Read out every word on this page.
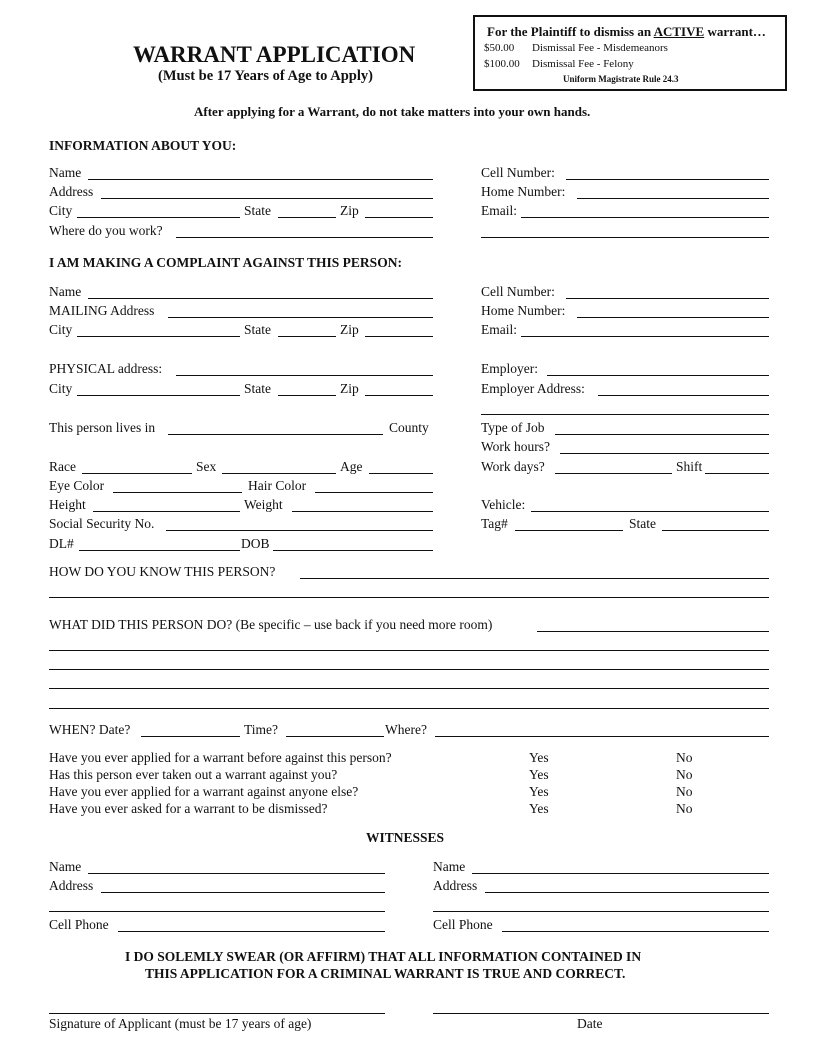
WARRANT APPLICATION
(Must be 17 Years of Age to Apply)
For the Plaintiff to dismiss an ACTIVE warrant…
$50.00 Dismissal Fee - Misdemeanors
$100.00 Dismissal Fee - Felony
Uniform Magistrate Rule 24.3
After applying for a Warrant, do not take matters into your own hands.
INFORMATION ABOUT YOU:
Name	Cell Number:
Address	Home Number:
City	State	Zip	Email:
Where do you work?
I AM MAKING A COMPLAINT AGAINST THIS PERSON:
Name	Cell Number:
MAILING Address	Home Number:
City	State	Zip	Email:
PHYSICAL address:	Employer:
City	State	Zip	Employer Address:
This person lives in	County	Type of Job
Work hours?
Race	Sex	Age	Work days?	Shift
Eye Color	Hair Color
Height	Weight	Vehicle:
Social Security No.	Tag#	State
DL#	DOB
HOW DO YOU KNOW THIS PERSON?
WHAT DID THIS PERSON DO? (Be specific – use back if you need more room)
WHEN? Date?	Time?	Where?
Have you ever applied for a warrant before against this person?	Yes	No
Has this person ever taken out a warrant against you?	Yes	No
Have you ever applied for a warrant against anyone else?	Yes	No
Have you ever asked for a warrant to be dismissed?	Yes	No
WITNESSES
Name	Name
Address	Address
Cell Phone	Cell Phone
I DO SOLEMLY SWEAR (OR AFFIRM) THAT ALL INFORMATION CONTAINED IN
THIS APPLICATION FOR A CRIMINAL WARRANT IS TRUE AND CORRECT.
Signature of Applicant (must be 17 years of age)	Date
